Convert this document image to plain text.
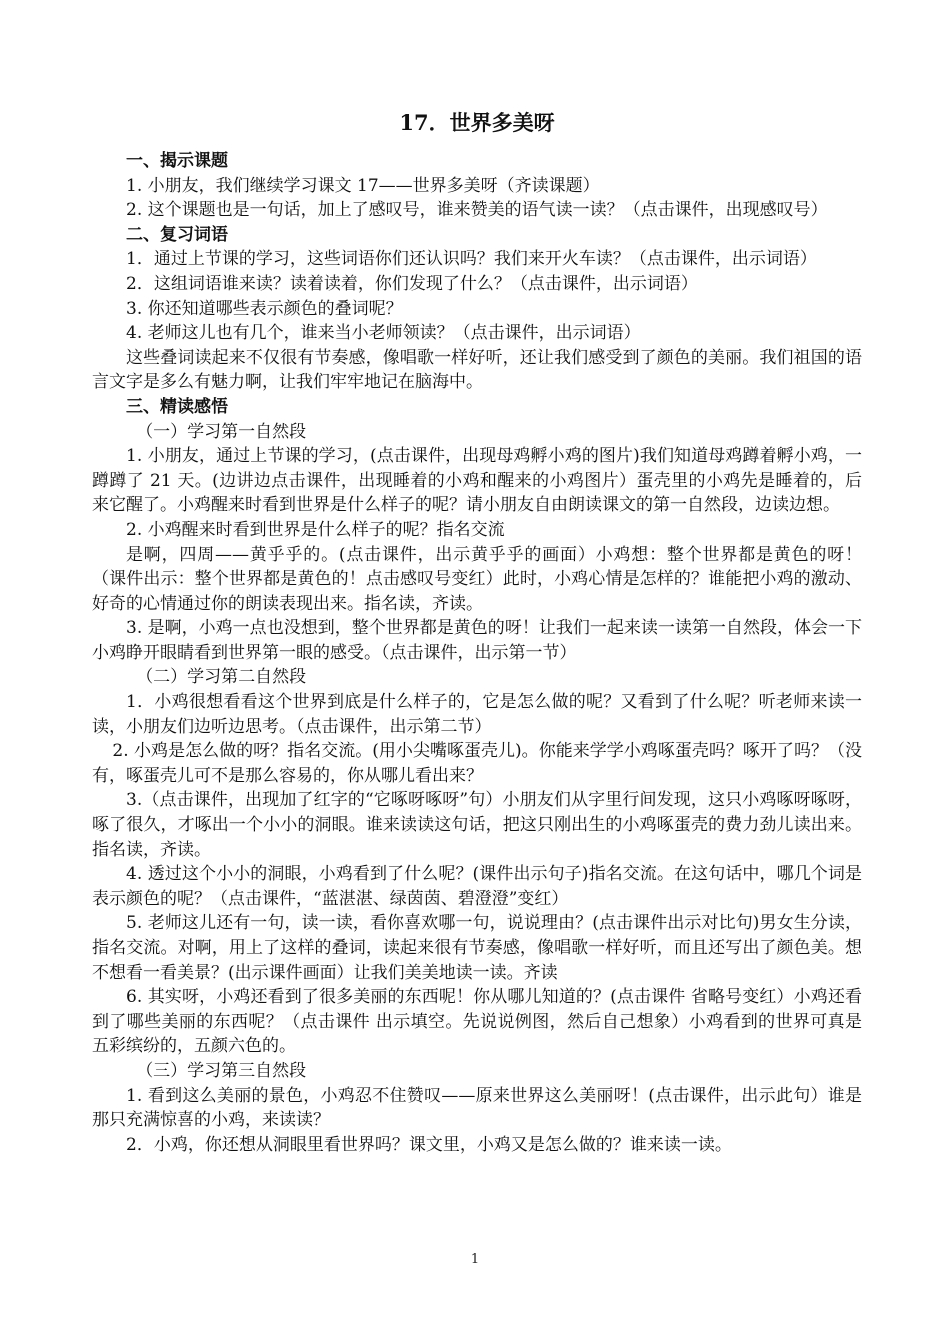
17．世界多美呀

一、揭示课题

1. 小朋友，我们继续学习课文 17——世界多美呀（齐读课题）

2. 这个课题也是一句话，加上了感叹号，谁来赞美的语气读一读？（点击课件，出现感叹号）

二、复习词语

1．通过上节课的学习，这些词语你们还认识吗？我们来开火车读？（点击课件，出示词语）

2．这组词语谁来读？读着读着，你们发现了什么？（点击课件，出示词语）

3. 你还知道哪些表示颜色的叠词呢？

4. 老师这儿也有几个，谁来当小老师领读？（点击课件，出示词语）

这些叠词读起来不仅很有节奏感，像唱歌一样好听，还让我们感受到了颜色的美丽。我们祖国的语言文字是多么有魅力啊，让我们牢牢地记在脑海中。

三、精读感悟

（一）学习第一自然段

1. 小朋友，通过上节课的学习，(点击课件，出现母鸡孵小鸡的图片)我们知道母鸡蹲着孵小鸡，一蹲蹲了 21 天。(边讲边点击课件，出现睡着的小鸡和醒来的小鸡图片）蛋壳里的小鸡先是睡着的，后来它醒了。小鸡醒来时看到世界是什么样子的呢？请小朋友自由朗读课文的第一自然段，边读边想。

2. 小鸡醒来时看到世界是什么样子的呢？指名交流

是啊，四周——黄乎乎的。(点击课件，出示黄乎乎的画面）小鸡想：整个世界都是黄色的呀！（课件出示：整个世界都是黄色的！点击感叹号变红）此时，小鸡心情是怎样的？谁能把小鸡的激动、好奇的心情通过你的朗读表现出来。指名读，齐读。

3. 是啊，小鸡一点也没想到，整个世界都是黄色的呀！让我们一起来读一读第一自然段，体会一下小鸡睁开眼睛看到世界第一眼的感受。（点击课件，出示第一节）

（二）学习第二自然段

1．小鸡很想看看这个世界到底是什么样子的，它是怎么做的呢？又看到了什么呢？听老师来读一读，小朋友们边听边思考。（点击课件，出示第二节）

2. 小鸡是怎么做的呀？指名交流。(用小尖嘴啄蛋壳儿)。你能来学学小鸡啄蛋壳吗？啄开了吗？（没有，啄蛋壳儿可不是那么容易的，你从哪儿看出来？

3.（点击课件，出现加了红字的“它啄呀啄呀”句）小朋友们从字里行间发现，这只小鸡啄呀啄呀，啄了很久，才啄出一个小小的洞眼。谁来读读这句话，把这只刚出生的小鸡啄蛋壳的费力劲儿读出来。指名读，齐读。

4. 透过这个小小的洞眼，小鸡看到了什么呢？(课件出示句子)指名交流。在这句话中，哪几个词是表示颜色的呢？（点击课件，“蓝湛湛、绿茵茵、碧澄澄”变红）

5. 老师这儿还有一句，读一读，看你喜欢哪一句，说说理由？(点击课件出示对比句)男女生分读，指名交流。对啊，用上了这样的叠词，读起来很有节奏感，像唱歌一样好听，而且还写出了颜色美。想不想看一看美景？(出示课件画面）让我们美美地读一读。齐读

6. 其实呀，小鸡还看到了很多美丽的东西呢！你从哪儿知道的？(点击课件 省略号变红）小鸡还看到了哪些美丽的东西呢？（点击课件 出示填空。先说说例图，然后自己想象）小鸡看到的世界可真是五彩缤纷的，五颜六色的。

（三）学习第三自然段

1. 看到这么美丽的景色，小鸡忍不住赞叹——原来世界这么美丽呀！(点击课件，出示此句）谁是那只充满惊喜的小鸡，来读读？

2．小鸡，你还想从洞眼里看世界吗？课文里，小鸡又是怎么做的？谁来读一读。

1
